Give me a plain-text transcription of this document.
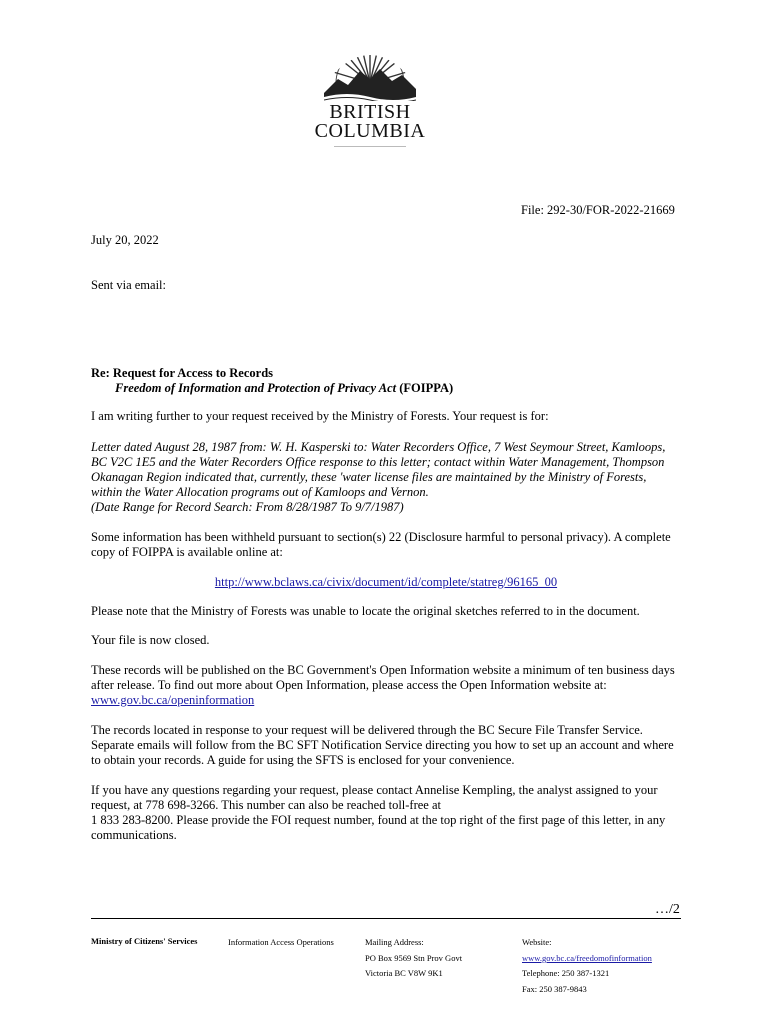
BRITISH
COLUMBIA
File: 292-30/FOR-2022-21669
July 20, 2022
Sent via email:
Re: Request for Access to Records
Freedom of Information and Protection of Privacy Act (FOIPPA)
I am writing further to your request received by the Ministry of Forests. Your request is for:
Letter dated August 28, 1987 from: W. H. Kasperski to: Water Recorders Office, 7 West Seymour Street, Kamloops,
BC V2C 1E5 and the Water Recorders Office response to this letter; contact within Water Management, Thompson
Okanagan Region indicated that, currently, these 'water license files are maintained by the Ministry of Forests,
within the Water Allocation programs out of Kamloops and Vernon.
(Date Range for Record Search: From 8/28/1987 To 9/7/1987)
Some information has been withheld pursuant to section(s) 22 (Disclosure harmful to personal privacy). A complete copy of FOIPPA is available online at:
http://www.bclaws.ca/civix/document/id/complete/statreg/96165_00
Please note that the Ministry of Forests was unable to locate the original sketches referred to in the document.
Your file is now closed.
These records will be published on the BC Government's Open Information website a minimum of ten business days after release. To find out more about Open Information, please access the Open Information website at:
www.gov.bc.ca/openinformation
The records located in response to your request will be delivered through the BC Secure File Transfer Service. Separate emails will follow from the BC SFT Notification Service directing you how to set up an account and where to obtain your records. A guide for using the SFTS is enclosed for your convenience.
If you have any questions regarding your request, please contact Annelise Kempling, the analyst assigned to your request, at 778 698-3266. This number can also be reached toll-free at
1 833 283-8200. Please provide the FOI request number, found at the top right of the first page of this letter, in any communications.
…/2
Ministry of Citizens' Services	Information Access Operations	Mailing Address:
PO Box 9569 Stn Prov Govt
Victoria BC V8W 9K1
Website:
www.gov.bc.ca/freedomofinformation
Telephone: 250 387-1321
Fax: 250 387-9843
